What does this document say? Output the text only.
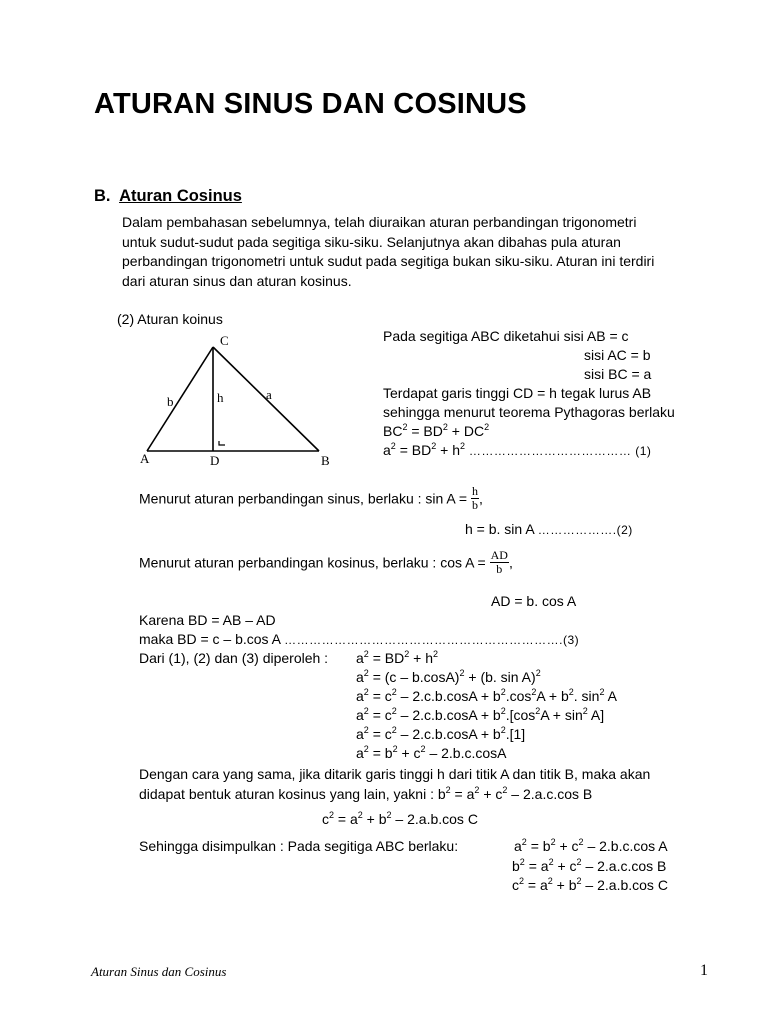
ATURAN SINUS DAN COSINUS
B. Aturan Cosinus
Dalam pembahasan sebelumnya, telah diuraikan aturan perbandingan trigonometri
untuk sudut-sudut pada segitiga siku-siku. Selanjutnya akan dibahas pula aturan
perbandingan trigonometri untuk sudut pada segitiga bukan siku-siku. Aturan ini terdiri
dari aturan sinus dan aturan kosinus.
(2) Aturan koinus
C
A	B
D
b	a
h
Pada segitiga ABC diketahui sisi AB = c
sisi AC = b
sisi BC = a
Terdapat garis tinggi CD = h tegak lurus AB
sehingga menurut teorema Pythagoras berlaku
$BC^2 = BD^2 + DC^2$
$a^2 = BD^2 + h^2$ ………………………………… (1)
Menurut aturan perbandingan sinus, berlaku : $\sin A = \frac{h}{b}$ ,
h = b. sin A ……………….(2)
Menurut aturan perbandingan kosinus, berlaku : $\cos A = \frac{AD}{b}$ ,
AD = b. cos A
Karena BD = AB – AD
maka BD = c – b.cos A ………………………………………………………….(3)
Dari (1), (2) dan (3) diperoleh : $a^2 = BD^2 + h^2$
$a^2 = (c - b.\cos A)^2 + (b$. sin A)$^2$
$a^2 = c^2 - 2.c.b.\cos A + b^2.\cos^2A + b^2$. $\sin^2 A$
$a^2 = c^2 - 2.c.b.\cos A + b^2.[\cos^2A + \sin^2 A]$
$a^2 = c^2 - 2.c.b.\cos A + b^2.[1]$
$a^2 = b^2 + c^2 - 2.b.c.\cos A$
Dengan cara yang sama, jika ditarik garis tinggi h dari titik A dan titik B, maka akan
didapat bentuk aturan kosinus yang lain, yakni : $b^2 = a^2 + c^2 - 2.a.c.\cos$ B
$c^2 = a^2 + b^2 - 2.a.b.\cos$ C
Sehingga disimpulkan : Pada segitiga ABC berlaku:	$a^2 = b^2 + c^2 - 2.b.c.\cos$ A
$b^2 = a^2 + c^2 - 2.a.c.\cos$ B
$c^2 = a^2 + b^2 - 2.a.b.\cos$ C
Aturan Sinus dan Cosinus	1
